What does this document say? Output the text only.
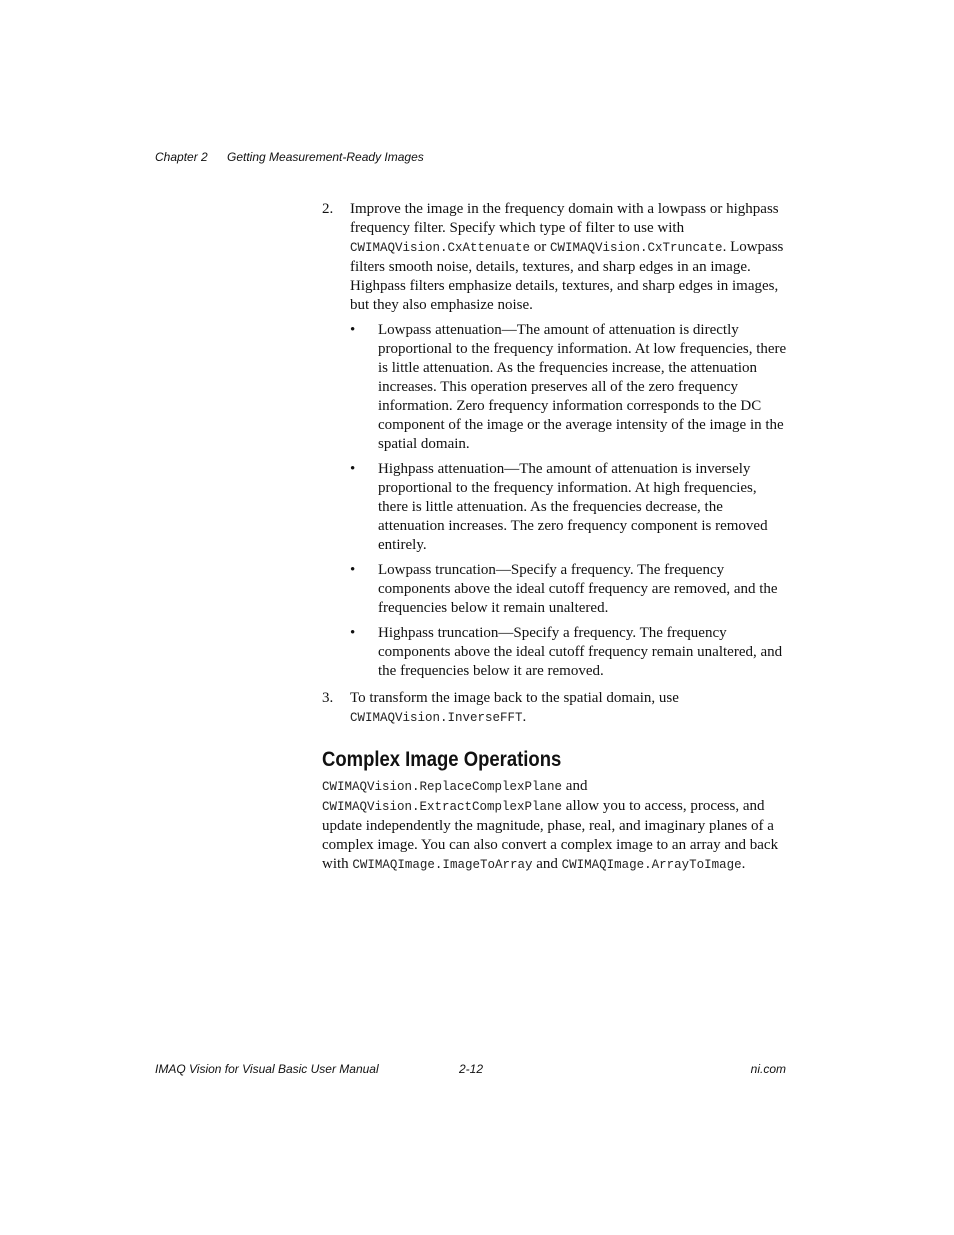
Chapter 2 Getting Measurement-Ready Images
2. Improve the image in the frequency domain with a lowpass or highpass frequency filter. Specify which type of filter to use with CWIMAQVision.CxAttenuate or CWIMAQVision.CxTruncate. Lowpass filters smooth noise, details, textures, and sharp edges in an image. Highpass filters emphasize details, textures, and sharp edges in images, but they also emphasize noise.

• Lowpass attenuation—The amount of attenuation is directly proportional to the frequency information. At low frequencies, there is little attenuation. As the frequencies increase, the attenuation increases. This operation preserves all of the zero frequency information. Zero frequency information corresponds to the DC component of the image or the average intensity of the image in the spatial domain.
• Highpass attenuation—The amount of attenuation is inversely proportional to the frequency information. At high frequencies, there is little attenuation. As the frequencies decrease, the attenuation increases. The zero frequency component is removed entirely.
• Lowpass truncation—Specify a frequency. The frequency components above the ideal cutoff frequency are removed, and the frequencies below it remain unaltered.
• Highpass truncation—Specify a frequency. The frequency components above the ideal cutoff frequency remain unaltered, and the frequencies below it are removed.
3. To transform the image back to the spatial domain, use CWIMAQVision.InverseFFT.

Complex Image Operations

CWIMAQVision.ReplaceComplexPlane and CWIMAQVision.ExtractComplexPlane allow you to access, process, and update independently the magnitude, phase, real, and imaginary planes of a complex image. You can also convert a complex image to an array and back with CWIMAQImage.ImageToArray and CWIMAQImage.ArrayToImage.

IMAQ Vision for Visual Basic User Manual	2-12	ni.com
